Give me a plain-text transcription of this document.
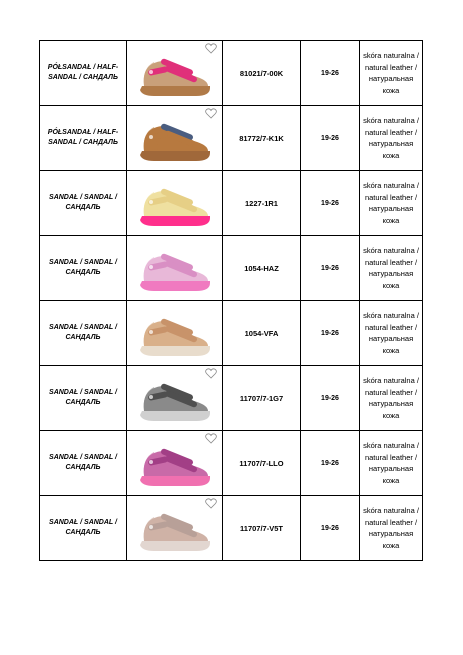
PÓŁSANDAŁ / HALF-SANDAL / САНДАЛЬ		81021/7-00K	19-26	skóra naturalna / natural leather / натуральная кожа
PÓŁSANDAŁ / HALF-SANDAL / САНДАЛЬ		81772/7-K1K	19-26	skóra naturalna / natural leather / натуральная кожа
SANDAŁ / SANDAL / САНДАЛЬ		1227-1R1	19-26	skóra naturalna / natural leather / натуральная кожа
SANDAŁ / SANDAL / САНДАЛЬ		1054-HAZ	19-26	skóra naturalna / natural leather / натуральная кожа
SANDAŁ / SANDAL / САНДАЛЬ		1054-VFA	19-26	skóra naturalna / natural leather / натуральная кожа
SANDAŁ / SANDAL / САНДАЛЬ		11707/7-1G7	19-26	skóra naturalna / natural leather / натуральная кожа
SANDAŁ / SANDAL / САНДАЛЬ		11707/7-LLO	19-26	skóra naturalna / natural leather / натуральная кожа
SANDAŁ / SANDAL / САНДАЛЬ		11707/7-V5T	19-26	skóra naturalna / natural leather / натуральная кожа
